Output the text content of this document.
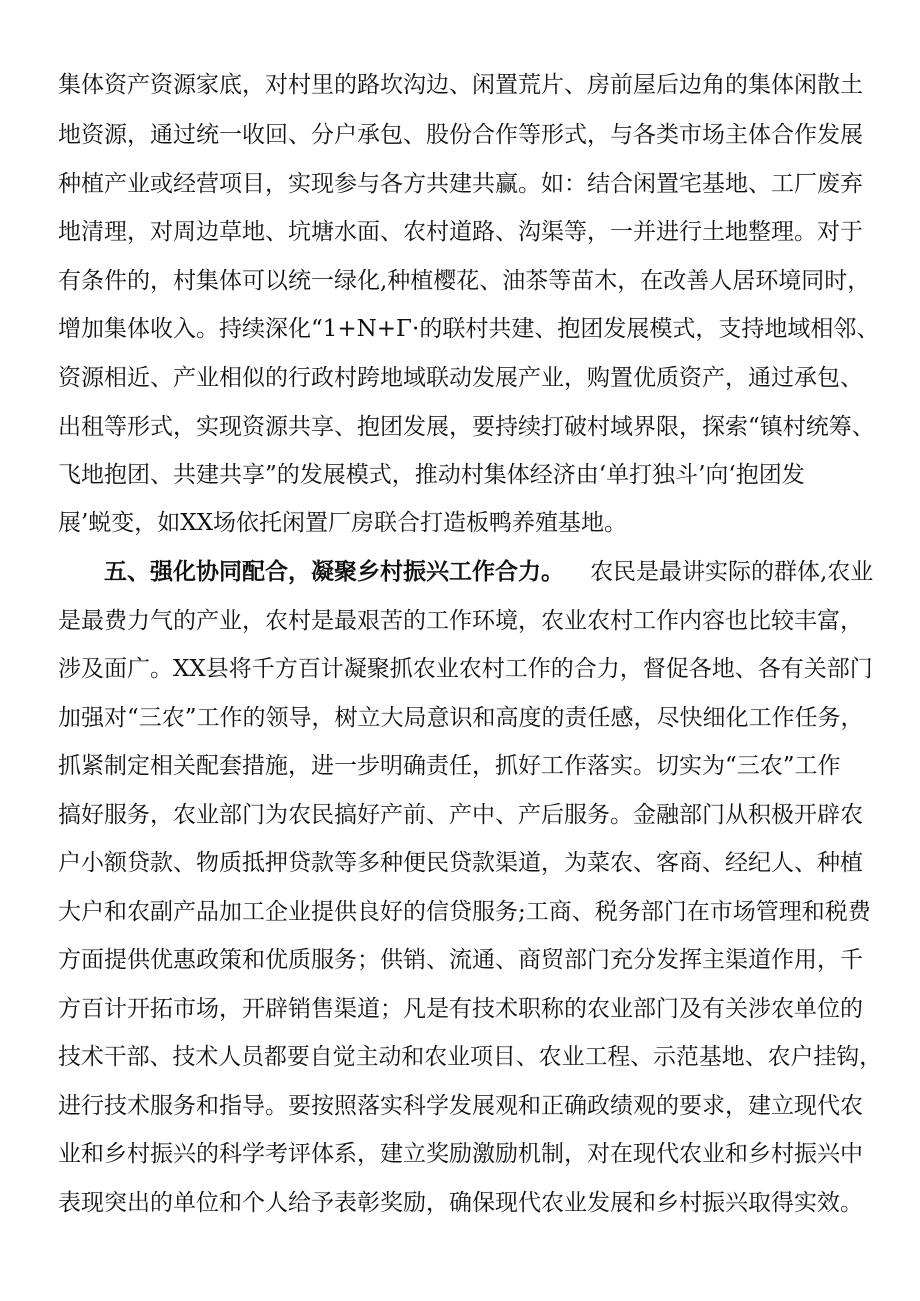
集体资产资源家底，对村里的路坎沟边、闲置荒片、房前屋后边角的集体闲散土
地资源，通过统一收回、分户承包、股份合作等形式，与各类市场主体合作发展
种植产业或经营项目，实现参与各方共建共赢。如：结合闲置宅基地、工厂废弃
地清理，对周边草地、坑塘水面、农村道路、沟渠等，一并进行土地整理。对于
有条件的，村集体可以统一绿化,种植樱花、油茶等苗木，在改善人居环境同时，
增加集体收入。持续深化“1+N+Γ·的联村共建、抱团发展模式，支持地域相邻、
资源相近、产业相似的行政村跨地域联动发展产业，购置优质资产，通过承包、
出租等形式，实现资源共享、抱团发展，要持续打破村域界限，探索“镇村统筹、
飞地抱团、共建共享”的发展模式，推动村集体经济由‘单打独斗’向‘抱团发
展’蜕变，如XX场依托闲置厂房联合打造板鸭养殖基地。
五、强化协同配合，凝聚乡村振兴工作合力。 农民是最讲实际的群体,农业
是最费力气的产业，农村是最艰苦的工作环境，农业农村工作内容也比较丰富，
涉及面广。XX县将千方百计凝聚抓农业农村工作的合力，督促各地、各有关部门
加强对“三农”工作的领导，树立大局意识和高度的责任感，尽快细化工作任务，
抓紧制定相关配套措施，进一步明确责任，抓好工作落实。切实为“三农”工作
搞好服务，农业部门为农民搞好产前、产中、产后服务。金融部门从积极开辟农
户小额贷款、物质抵押贷款等多种便民贷款渠道，为菜农、客商、经纪人、种植
大户和农副产品加工企业提供良好的信贷服务;工商、税务部门在市场管理和税费
方面提供优惠政策和优质服务；供销、流通、商贸部门充分发挥主渠道作用，千
方百计开拓市场，开辟销售渠道；凡是有技术职称的农业部门及有关涉农单位的
技术干部、技术人员都要自觉主动和农业项目、农业工程、示范基地、农户挂钩，
进行技术服务和指导。要按照落实科学发展观和正确政绩观的要求，建立现代农
业和乡村振兴的科学考评体系，建立奖励激励机制，对在现代农业和乡村振兴中
表现突出的单位和个人给予表彰奖励，确保现代农业发展和乡村振兴取得实效。
